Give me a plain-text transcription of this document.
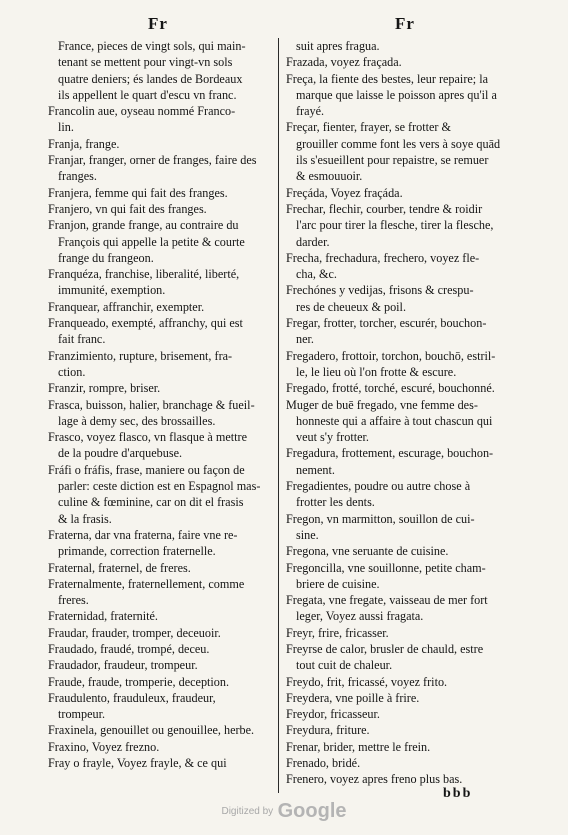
Fr	Fr
France, pieces de vingt sols, qui main-
tenant se mettent pour vingt-vn sols
quatre deniers; és landes de Bordeaux
ils appellent le quart d'escu vn franc.
Francolin aue, oyseau nommé Franco-
lin.
Franja, frange.
Franjar, franger, orner de franges, faire des
franges.
Franjera, femme qui fait des franges.
Franjero, vn qui fait des franges.
Franjon, grande frange, au contraire du
François qui appelle la petite & courte
frange du frangeon.
Franquéza, franchise, liberalité, liberté,
immunité, exemption.
Franquear, affranchir, exempter.
Franqueado, exempté, affranchy, qui est
fait franc.
Franzimiento, rupture, brisement, fra-
ction.
Franzir, rompre, briser.
Frasca, buisson, halier, branchage & fueil-
lage à demy sec, des brossailles.
Frasco, voyez flasco, vn flasque à mettre
de la poudre d'arquebuse.
Fráfi o fráfis, frase, maniere ou façon de
parler: ceste diction est en Espagnol mas-
culine & fœminine, car on dit el frasis
& la frasis.
Fraterna, dar vna fraterna, faire vne re-
primande, correction fraternelle.
Fraternal, fraternel, de freres.
Fraternalmente, fraternellement, comme
freres.
Fraternidad, fraternité.
Fraudar, frauder, tromper, deceuoir.
Fraudado, fraudé, trompé, deceu.
Fraudador, fraudeur, trompeur.
Fraude, fraude, tromperie, deception.
Fraudulento, frauduleux, fraudeur,
trompeur.
Fraxinela, genouillet ou genouillee, herbe.
Fraxino, Voyez frezno.
Fray o frayle, Voyez frayle, & ce qui
suit apres fragua.
Frazada, voyez fraçada.
Freça, la fiente des bestes, leur repaire; la
marque que laisse le poisson apres qu'il a
frayé.
Freçar, fienter, frayer, se frotter &
grouiller comme font les vers à soye quād
ils s'esueillent pour repaistre, se remuer
& esmouuoir.
Freçáda, Voyez fraçáda.
Frechar, flechir, courber, tendre & roidir
l'arc pour tirer la flesche, tirer la flesche,
darder.
Frecha, frechadura, frechero, voyez fle-
cha, &c.
Frechónes y vedijas, frisons & crespu-
res de cheueux & poil.
Fregar, frotter, torcher, escurér, bouchon-
ner.
Fregadero, frottoir, torchon, bouchō, estril-
le, le lieu où l'on frotte & escure.
Fregado, frotté, torché, escuré, bouchonné.
Muger de buē fregado, vne femme des-
honneste qui a affaire à tout chascun qui
veut s'y frotter.
Fregadura, frottement, escurage, bouchon-
nement.
Fregadientes, poudre ou autre chose à
frotter les dents.
Fregon, vn marmitton, souillon de cui-
sine.
Fregona, vne seruante de cuisine.
Fregoncilla, vne souillonne, petite cham-
briere de cuisine.
Fregata, vne fregate, vaisseau de mer fort
leger, Voyez aussi fragata.
Freyr, frire, fricasser.
Freyrse de calor, brusler de chauld, estre
tout cuit de chaleur.
Freydo, frit, fricassé, voyez frito.
Freydera, vne poille à frire.
Freydor, fricasseur.
Freydura, friture.
Frenar, brider, mettre le frein.
Frenado, bridé.
Frenero, voyez apres freno plus bas.
bbb
Digitized by Google
